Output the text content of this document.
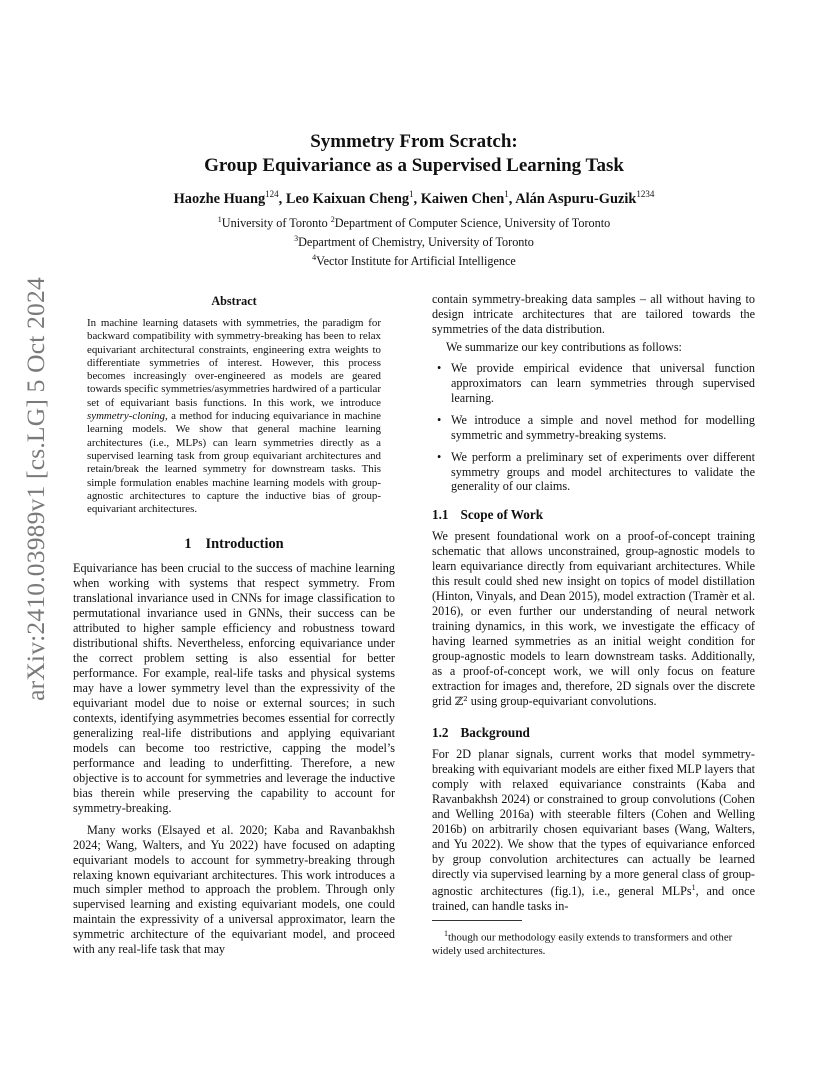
arXiv:2410.03989v1 [cs.LG] 5 Oct 2024
Symmetry From Scratch:
Group Equivariance as a Supervised Learning Task
Haozhe Huang$^{124}$, Leo Kaixuan Cheng$^1$, Kaiwen Chen$^1$, Alán Aspuru-Guzik$^{1234}$
$^1$University of Toronto $^2$Department of Computer Science, University of Toronto
$^3$Department of Chemistry, University of Toronto
$^4$Vector Institute for Artificial Intelligence
Abstract

In machine learning datasets with symmetries, the paradigm for backward compatibility with symmetry-breaking has been to relax equivariant architectural constraints, engineering extra weights to differentiate symmetries of interest. However, this process becomes increasingly over-engineered as models are geared towards specific symmetries/asymmetries hardwired of a particular set of equivariant basis functions. In this work, we introduce symmetry-cloning, a method for inducing equivariance in machine learning models. We show that general machine learning architectures (i.e., MLPs) can learn symmetries directly as a supervised learning task from group equivariant architectures and retain/break the learned symmetry for downstream tasks. This simple formulation enables machine learning models with group-agnostic architectures to capture the inductive bias of group-equivariant architectures.

1 Introduction

Equivariance has been crucial to the success of machine learning when working with systems that respect symmetry. From translational invariance used in CNNs for image classification to permutational invariance used in GNNs, their success can be attributed to higher sample efficiency and robustness toward distributional shifts. Nevertheless, enforcing equivariance under the correct problem setting is also essential for better performance. For example, real-life tasks and physical systems may have a lower symmetry level than the expressivity of the equivariant model due to noise or external sources; in such contexts, identifying asymmetries becomes essential for correctly generalizing real-life distributions and applying equivariant models can become too restrictive, capping the model’s performance and leading to underfitting. Therefore, a new objective is to account for symmetries and leverage the inductive bias therein while preserving the capability to account for symmetry-breaking.

Many works (Elsayed et al. 2020; Kaba and Ravanbakhsh 2024; Wang, Walters, and Yu 2022) have focused on adapting equivariant models to account for symmetry-breaking through relaxing known equivariant architectures. This work introduces a much simpler method to approach the problem. Through only supervised learning and existing equivariant models, one could maintain the expressivity of a universal approximator, learn the symmetric architecture of the equivariant model, and proceed with any real-life task that may

contain symmetry-breaking data samples – all without having to design intricate architectures that are tailored towards the symmetries of the data distribution.

We summarize our key contributions as follows:

• We provide empirical evidence that universal function approximators can learn symmetries through supervised learning.
• We introduce a simple and novel method for modelling symmetric and symmetry-breaking systems.
• We perform a preliminary set of experiments over different symmetry groups and model architectures to validate the generality of our claims.
1.1 Scope of Work

We present foundational work on a proof-of-concept training schematic that allows unconstrained, group-agnostic models to learn equivariance directly from equivariant architectures. While this result could shed new insight on topics of model distillation (Hinton, Vinyals, and Dean 2015), model extraction (Tramèr et al. 2016), or even further our understanding of neural network training dynamics, in this work, we investigate the efficacy of having learned symmetries as an initial weight condition for group-agnostic models to learn downstream tasks. Additionally, as a proof-of-concept work, we will only focus on feature extraction for images and, therefore, 2D signals over the discrete grid ℤ² using group-equivariant convolutions.

1.2 Background

For 2D planar signals, current works that model symmetry-breaking with equivariant models are either fixed MLP layers that comply with relaxed equivariance constraints (Kaba and Ravanbakhsh 2024) or constrained to group convolutions (Cohen and Welling 2016a) with steerable filters (Cohen and Welling 2016b) on arbitrarily chosen equivariant bases (Wang, Walters, and Yu 2022). We show that the types of equivariance enforced by group convolution architectures can actually be learned directly via supervised learning by a more general class of group-agnostic architectures (fig.1), i.e., general MLPs$^1$, and once trained, can handle tasks in-

$^1$though our methodology easily extends to transformers and other widely used architectures.
